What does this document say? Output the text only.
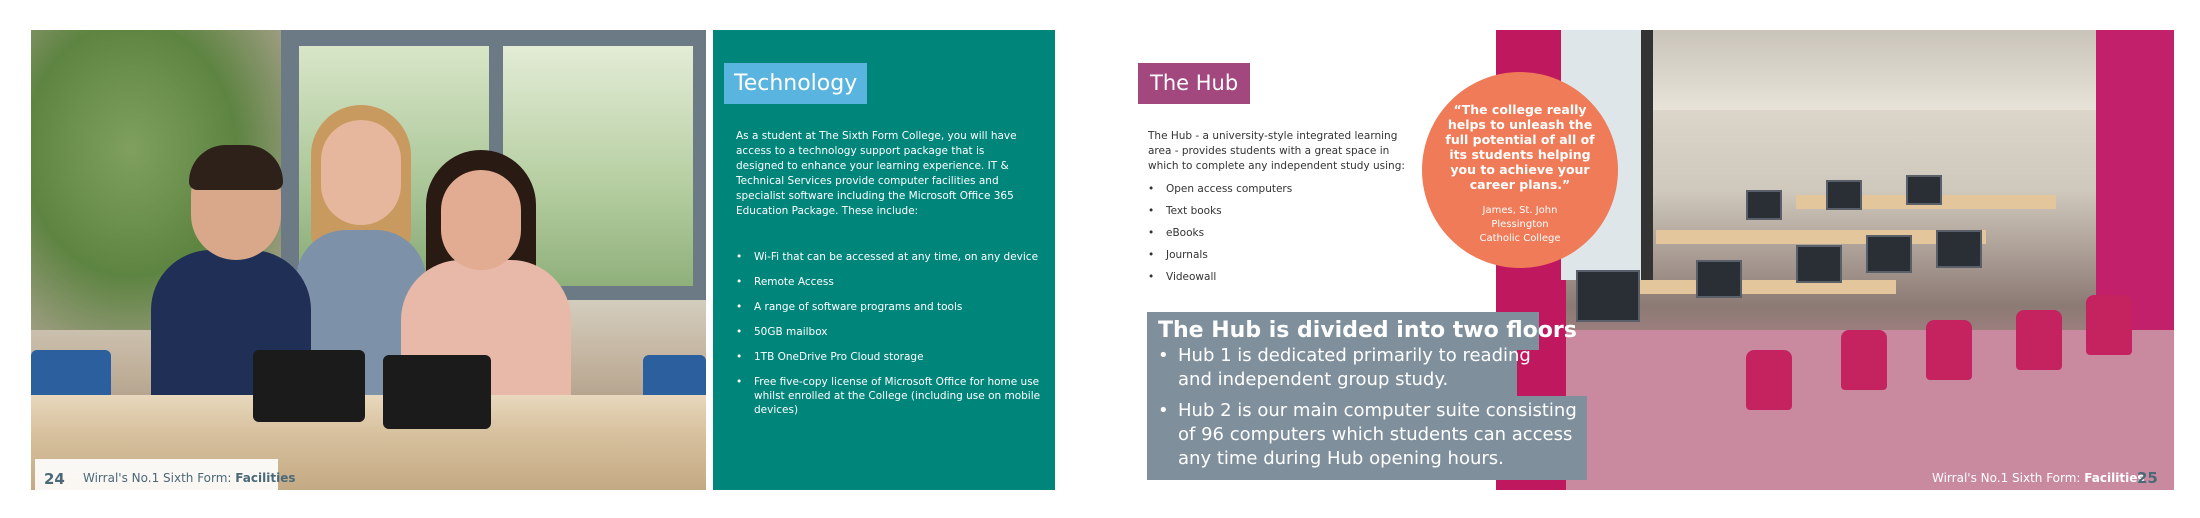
24 Wirral's No.1 Sixth Form: Facilities
Technology
As a student at The Sixth Form College, you will have access to a technology support package that is designed to enhance your learning experience. IT & Technical Services provide computer facilities and specialist software including the Microsoft Office 365 Education Package. These include:
• Wi-Fi that can be accessed at any time, on any device
• Remote Access
• A range of software programs and tools
• 50GB mailbox
• 1TB OneDrive Pro Cloud storage
• Free five-copy license of Microsoft Office for home use whilst enrolled at the College (including use on mobile devices)
The Hub
The Hub - a university-style integrated learning area - provides students with a great space in which to complete any independent study using:
• Open access computers
• Text books
• eBooks
• Journals
• Videowall
“The college really helps to unleash the full potential of all of its students helping you to achieve your career plans.”
James, St. John
Plessington
Catholic College
The Hub is divided into two floors
• Hub 1 is dedicated primarily to reading and independent group study.
• Hub 2 is our main computer suite consisting of 96 computers which students can access any time during Hub opening hours.
Wirral's No.1 Sixth Form: Facilities
25
